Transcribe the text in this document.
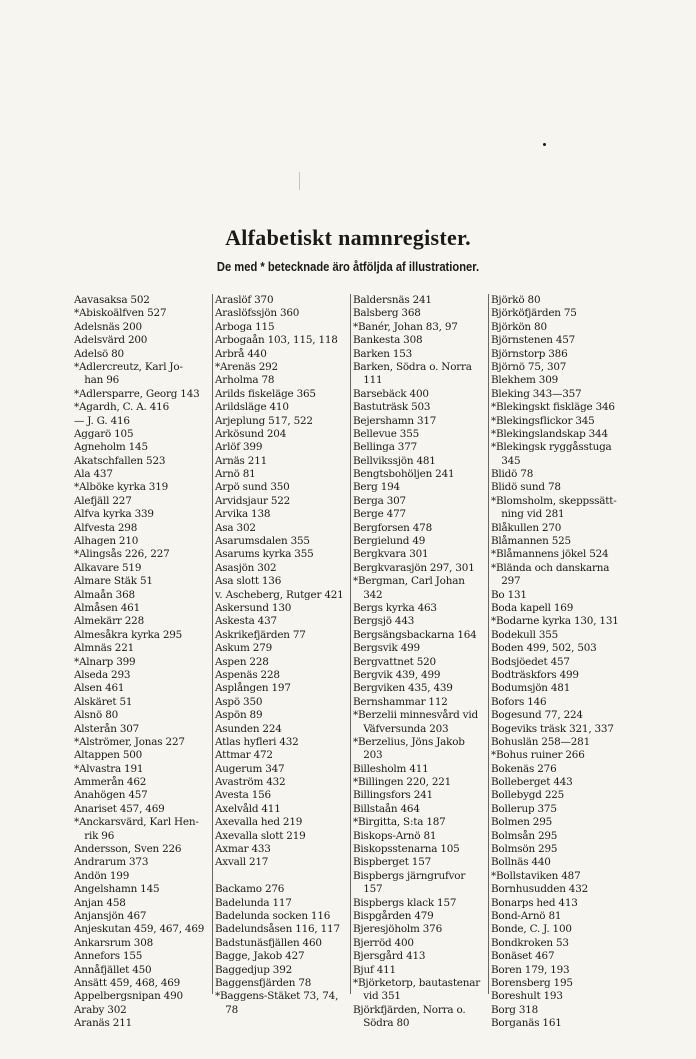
Alfabetiskt namnregister.
De med * betecknade äro åtföljda af illustrationer.
Aavasaksa 502
*Abiskoälfven 527
Adelsnäs 200
Adelsvärd 200
Adelsö 80
*Adlercreutz, Karl Jo-
 han 96
*Adlersparre, Georg 143
*Agardh, C. A. 416
— J. G. 416
Aggarö 105
Agneholm 145
Akatschfallen 523
Ala 437
*Alböke kyrka 319
Alefjäll 227
Alfva kyrka 339
Alfvesta 298
Alhagen 210
*Alingsås 226, 227
Alkavare 519
Almare Stäk 51
Almaån 368
Almåsen 461
Almekärr 228
Almesåkra kyrka 295
Almnäs 221
*Alnarp 399
Alseda 293
Alsen 461
Alskäret 51
Alsnö 80
Alsterån 307
*Alströmer, Jonas 227
Altappen 500
*Alvastra 191
Ammerån 462
Anahögen 457
Anariset 457, 469
*Anckarsvärd, Karl Hen-
 rik 96
Andersson, Sven 226
Andrarum 373
Andön 199
Angelshamn 145
Anjan 458
Anjansjön 467
Anjeskutan 459, 467, 469
Ankarsrum 308
Annefors 155
Annåfjället 450
Ansätt 459, 468, 469
Appelbergsnipan 490
Araby 302
Aranäs 211
Araslöf 370
Araslöfssjön 360
Arboga 115
Arbogaån 103, 115, 118
Arbrå 440
*Arenäs 292
Arholma 78
Arilds fiskeläge 365
Arildsläge 410
Arjeplung 517, 522
Arkösund 204
Arlöf 399
Arnäs 211
Arnö 81
Arpö sund 350
Arvidsjaur 522
Arvika 138
Asa 302
Asarumsdalen 355
Asarums kyrka 355
Asasjön 302
Asa slott 136
v. Ascheberg, Rutger 421
Askersund 130
Askesta 437
Askrikefjärden 77
Askum 279
Aspen 228
Aspenäs 228
Asplången 197
Aspö 350
Aspön 89
Asunden 224
Atlas hyfleri 432
Attmar 472
Augerum 347
Avaström 432
Avesta 156
Axelvåld 411
Axevalla hed 219
Axevalla slott 219
Axmar 433
Axvall 217
Backamo 276
Badelunda 117
Badelunda socken 116
Badelundsåsen 116, 117
Badstunäsfjällen 460
Bagge, Jakob 427
Baggedjup 392
Baggensfjärden 78
*Baggens-Stäket 73, 74,
 78
Baldersnäs 241
Balsberg 368
*Banér, Johan 83, 97
Bankesta 308
Barken 153
Barken, Södra o. Norra
 111
Barsebäck 400
Bastuträsk 503
Bejershamn 317
Bellevue 355
Bellinga 377
Bellvikssjön 481
Bengtsbohöljen 241
Berg 194
Berga 307
Berge 477
Bergforsen 478
Bergielund 49
Bergkvara 301
Bergkvarasjön 297, 301
*Bergman, Carl Johan
 342
Bergs kyrka 463
Bergsjö 443
Bergsängsbackarna 164
Bergsvik 499
Bergvattnet 520
Bergvik 439, 499
Bergviken 435, 439
Bernshammar 112
*Berzelii minnesvård vid
 Väfversunda 203
*Berzelius, Jöns Jakob
 203
Billesholm 411
*Billingen 220, 221
Billingsfors 241
Billstaån 464
*Birgitta, S:ta 187
Biskops-Arnö 81
Biskopsstenarna 105
Bispberget 157
Bispbergs järngrufvor
 157
Bispbergs klack 157
Bispgården 479
Bjeresjöholm 376
Bjerröd 400
Bjersgård 413
Bjuf 411
*Björketorp, bautastenar
 vid 351
Björkfjärden, Norra o.
 Södra 80
Björkö 80
Björköfjärden 75
Björkön 80
Björnstenen 457
Björnstorp 386
Björnö 75, 307
Blekhem 309
Bleking 343—357
*Blekingskt fiskläge 346
*Blekingsflickor 345
*Blekingslandskap 344
*Blekingsk ryggåsstuga
 345
Blidö 78
Blidö sund 78
*Blomsholm, skeppssätt-
 ning vid 281
Blåkullen 270
Blåmannen 525
*Blåmannens jökel 524
*Blända och danskarna
 297
Bo 131
Boda kapell 169
*Bodarne kyrka 130, 131
Bodekull 355
Boden 499, 502, 503
Bodsjöedet 457
Bodträskfors 499
Bodumsjön 481
Bofors 146
Bogesund 77, 224
Bogeviks träsk 321, 337
Bohuslän 258—281
*Bohus ruiner 266
Bokenäs 276
Bolleberget 443
Bollebygd 225
Bollerup 375
Bolmen 295
Bolmsån 295
Bolmsön 295
Bollnäs 440
*Bollstaviken 487
Bornhusudden 432
Bonarps hed 413
Bond-Arnö 81
Bonde, C. J. 100
Bondkroken 53
Bonäset 467
Boren 179, 193
Borensberg 195
Boreshult 193
Borg 318
Borganäs 161
